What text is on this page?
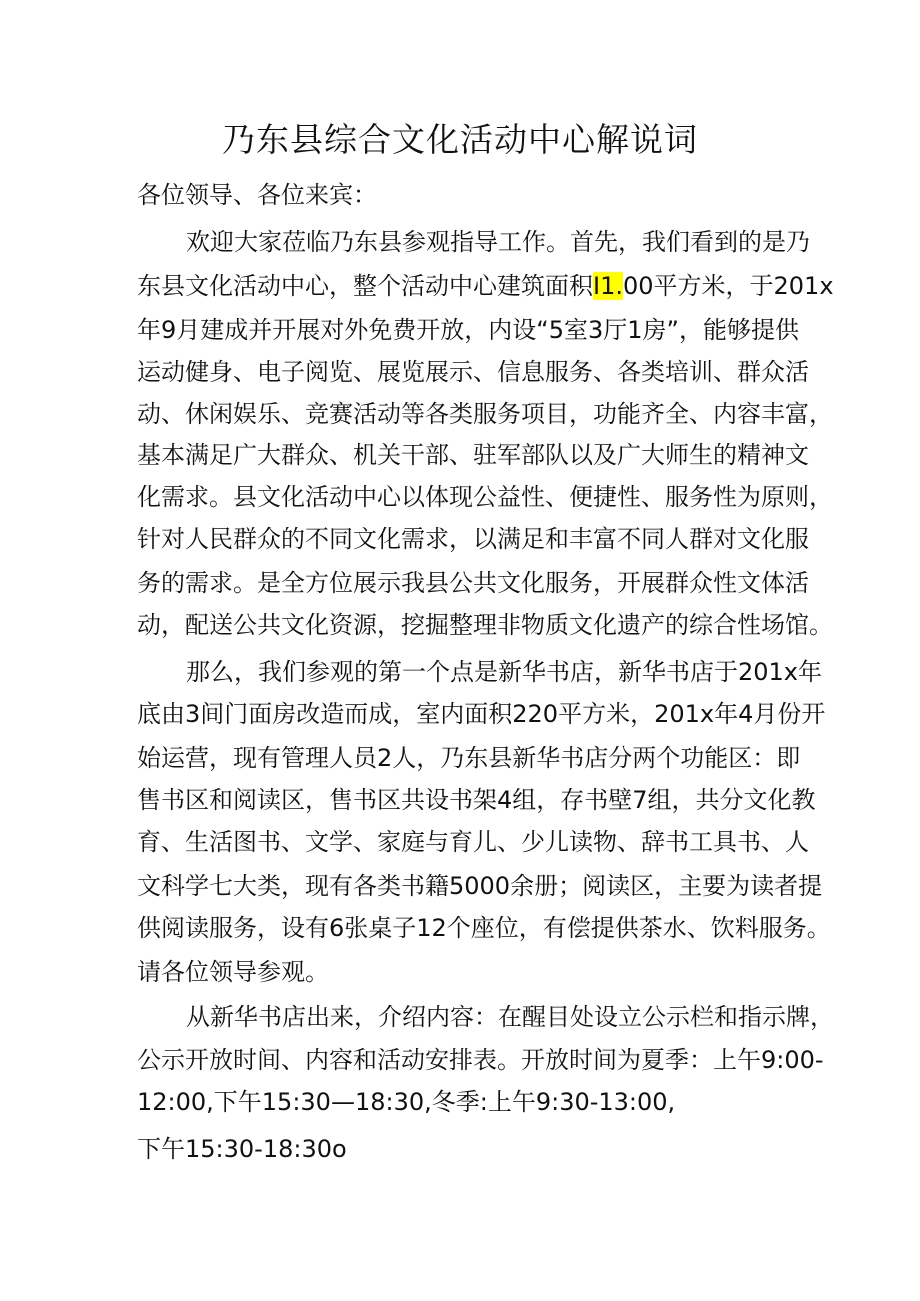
乃东县综合文化活动中心解说词
各位领导、各位来宾：
欢迎大家莅临乃东县参观指导工作。首先，我们看到的是乃
东县文化活动中心，整个活动中心建筑面积I1.00平方米，于201x
年9月建成并开展对外免费开放，内设“5室3厅1房”，能够提供
运动健身、电子阅览、展览展示、信息服务、各类培训、群众活
动、休闲娱乐、竞赛活动等各类服务项目，功能齐全、内容丰富，
基本满足广大群众、机关干部、驻军部队以及广大师生的精神文
化需求。县文化活动中心以体现公益性、便捷性、服务性为原则，
针对人民群众的不同文化需求，以满足和丰富不同人群对文化服
务的需求。是全方位展示我县公共文化服务，开展群众性文体活
动，配送公共文化资源，挖掘整理非物质文化遗产的综合性场馆。
那么，我们参观的第一个点是新华书店，新华书店于201x年
底由3间门面房改造而成，室内面积220平方米，201x年4月份开
始运营，现有管理人员2人，乃东县新华书店分两个功能区：即
售书区和阅读区，售书区共设书架4组，存书壁7组，共分文化教
育、生活图书、文学、家庭与育儿、少儿读物、辞书工具书、人
文科学七大类，现有各类书籍5000余册；阅读区，主要为读者提
供阅读服务，设有6张桌子12个座位，有偿提供茶水、饮料服务。
请各位领导参观。
从新华书店出来，介绍内容：在醒目处设立公示栏和指示牌，
公示开放时间、内容和活动安排表。开放时间为夏季：上午9:00-
12:00,下午15:30—18:30,冬季:上午9:30-13:00,
下午15:30-18:30o
